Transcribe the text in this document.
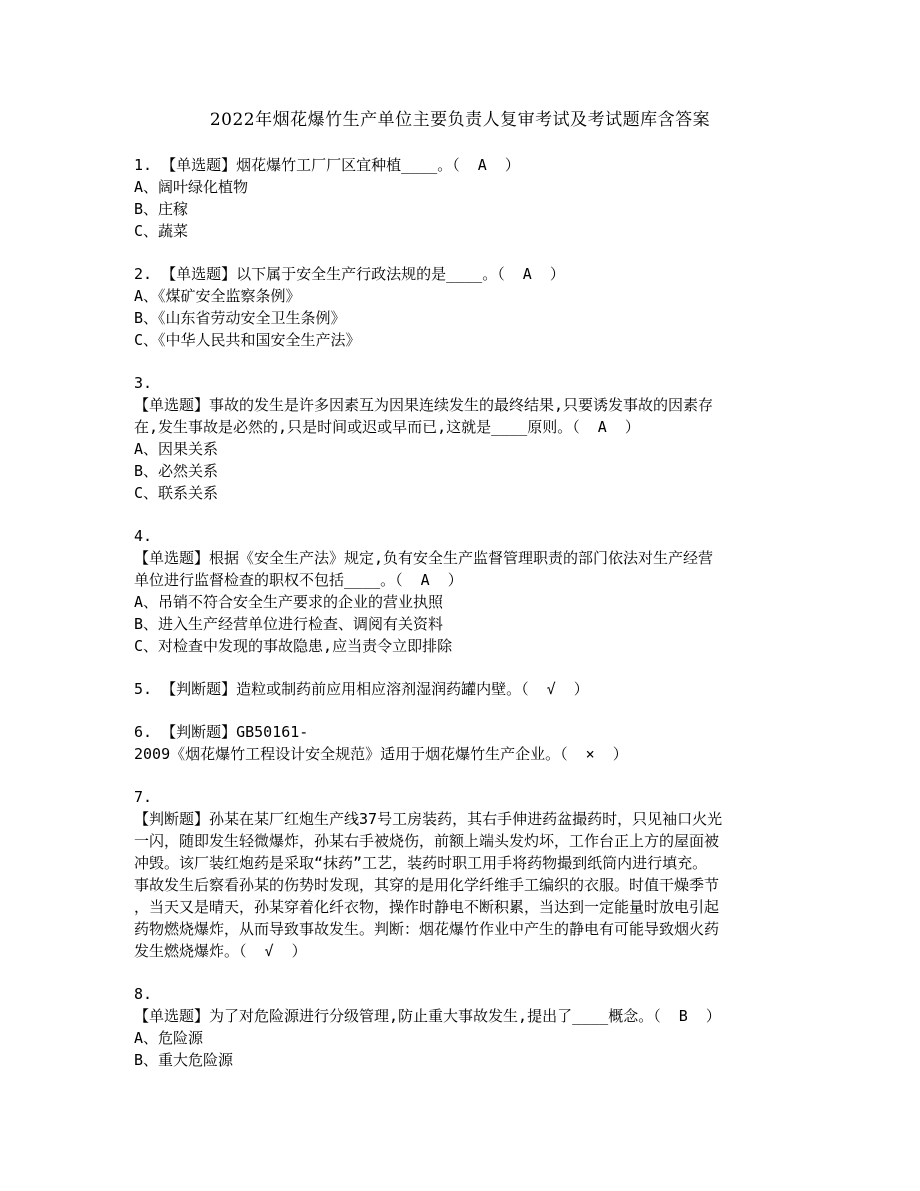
2022年烟花爆竹生产单位主要负责人复审考试及考试题库含答案
1. 【单选题】烟花爆竹工厂厂区宜种植____。（  A  ）
A、阔叶绿化植物
B、庄稼
C、蔬菜
2. 【单选题】以下属于安全生产行政法规的是____。（  A  ）
A、《煤矿安全监察条例》
B、《山东省劳动安全卫生条例》
C、《中华人民共和国安全生产法》
3.
【单选题】事故的发生是许多因素互为因果连续发生的最终结果,只要诱发事故的因素存
在,发生事故是必然的,只是时间或迟或早而已,这就是____原则。（  A  ）
A、因果关系
B、必然关系
C、联系关系
4.
【单选题】根据《安全生产法》规定,负有安全生产监督管理职责的部门依法对生产经营
单位进行监督检查的职权不包括____。（  A  ）
A、吊销不符合安全生产要求的企业的营业执照
B、进入生产经营单位进行检查、调阅有关资料
C、对检查中发现的事故隐患,应当责令立即排除
5. 【判断题】造粒或制药前应用相应溶剂湿润药罐内壁。（  √  ）
6. 【判断题】GB50161-
2009《烟花爆竹工程设计安全规范》适用于烟花爆竹生产企业。（  ×  ）
7.
【判断题】孙某在某厂红炮生产线37号工房装药，其右手伸进药盆撮药时，只见袖口火光
一闪，随即发生轻微爆炸，孙某右手被烧伤，前额上端头发灼坏，工作台正上方的屋面被
冲毁。该厂装红炮药是采取“抹药”工艺，装药时职工用手将药物撮到纸筒内进行填充。
事故发生后察看孙某的伤势时发现，其穿的是用化学纤维手工编织的衣服。时值干燥季节
，当天又是晴天，孙某穿着化纤衣物，操作时静电不断积累，当达到一定能量时放电引起
药物燃烧爆炸，从而导致事故发生。判断：烟花爆竹作业中产生的静电有可能导致烟火药
发生燃烧爆炸。（  √  ）
8.
【单选题】为了对危险源进行分级管理,防止重大事故发生,提出了____概念。（  B  ）
A、危险源
B、重大危险源
